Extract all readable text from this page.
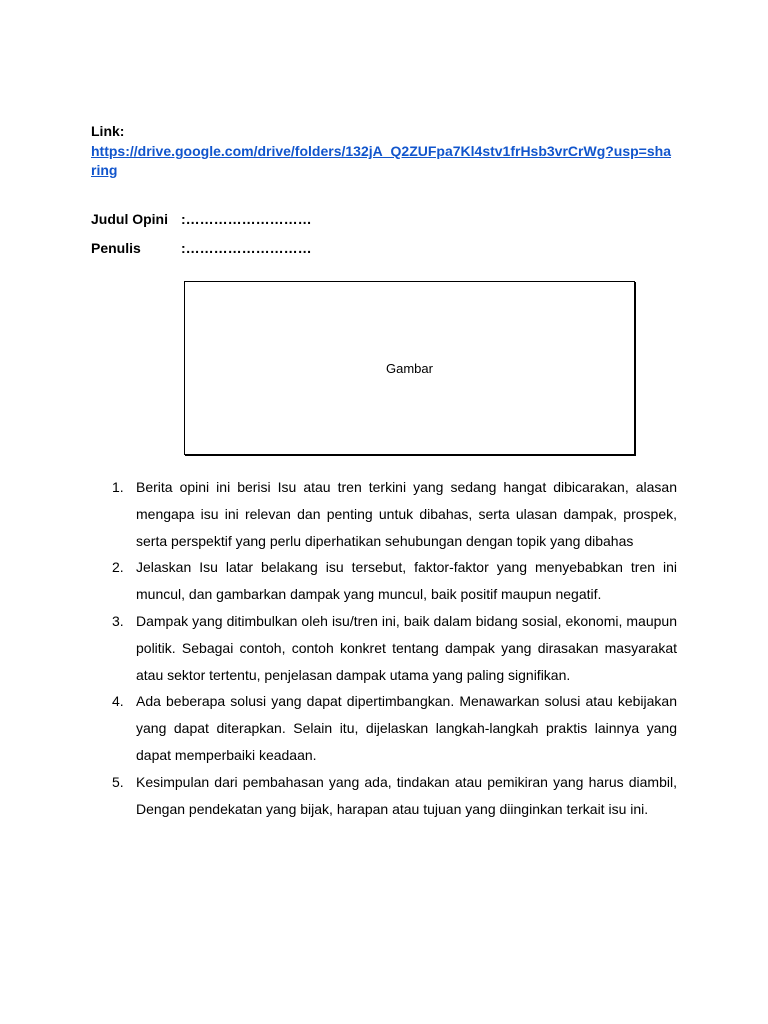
Link:
https://drive.google.com/drive/folders/132jA_Q2ZUFpa7Kl4stv1frHsb3vrCrWg?usp=sharing
Judul Opini :………………………
Penulis	:………………………
Gambar
1. Berita opini ini berisi Isu atau tren terkini yang sedang hangat dibicarakan, alasan mengapa isu ini relevan dan penting untuk dibahas, serta ulasan dampak, prospek, serta perspektif yang perlu diperhatikan sehubungan dengan topik yang dibahas
2. Jelaskan Isu latar belakang isu tersebut, faktor-faktor yang menyebabkan tren ini muncul, dan gambarkan dampak yang muncul, baik positif maupun negatif.
3. Dampak yang ditimbulkan oleh isu/tren ini, baik dalam bidang sosial, ekonomi, maupun politik. Sebagai contoh, contoh konkret tentang dampak yang dirasakan masyarakat atau sektor tertentu, penjelasan dampak utama yang paling signifikan.
4. Ada beberapa solusi yang dapat dipertimbangkan. Menawarkan solusi atau kebijakan yang dapat diterapkan. Selain itu, dijelaskan langkah-langkah praktis lainnya yang dapat memperbaiki keadaan.
5. Kesimpulan dari pembahasan yang ada, tindakan atau pemikiran yang harus diambil, Dengan pendekatan yang bijak, harapan atau tujuan yang diinginkan terkait isu ini.
